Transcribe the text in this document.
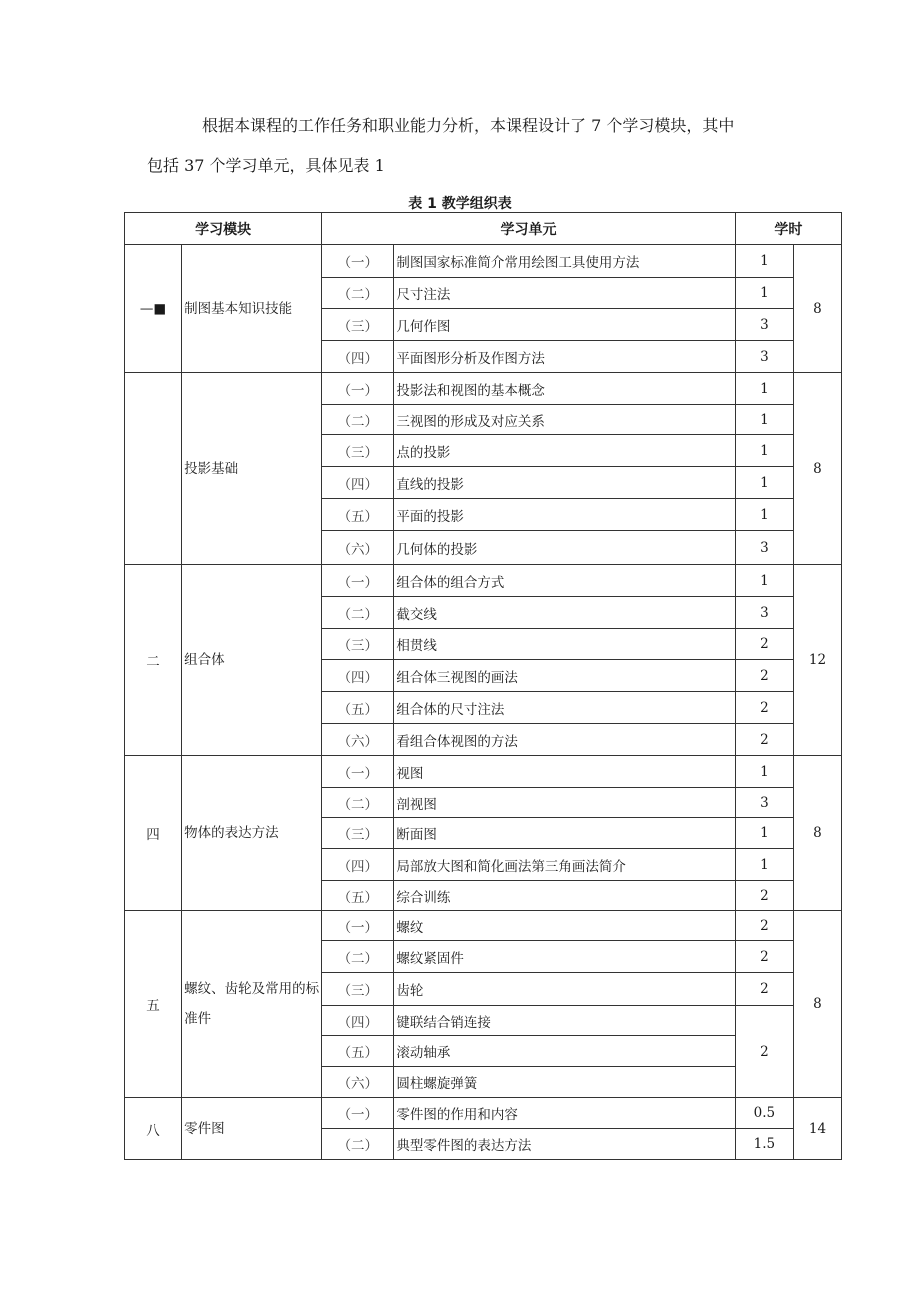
根据本课程的工作任务和职业能力分析，本课程设计了 7 个学习模块，其中
包括 37 个学习单元，具体见表 1
表 1 教学组织表
学习模块		学习单元		学时	
—■	制图基本知识技能	（一）	制图国家标准简介常用绘图工具使用方法	1	8
		（二）	尺寸注法	1	
		（三）	几何作图	3	
		（四）	平面图形分析及作图方法	3	
	投影基础	（一）	投影法和视图的基本概念	1	8
		（二）	三视图的形成及对应关系	1	
		（三）	点的投影	1	
		（四）	直线的投影	1	
		（五）	平面的投影	1	
		（六）	几何体的投影	3	
二	组合体	（一）	组合体的组合方式	1	12
		（二）	截交线	3	
		（三）	相贯线	2	
		（四）	组合体三视图的画法	2	
		（五）	组合体的尺寸注法	2	
		（六）	看组合体视图的方法	2	
四	物体的表达方法	（一）	视图	1	8
		（二）	剖视图	3	
		（三）	断面图	1	
		（四）	局部放大图和简化画法第三角画法简介	1	
		（五）	综合训练	2	
五	螺纹、齿轮及常用的标准件	（一）	螺纹	2	8
		（二）	螺纹紧固件	2	
		（三）	齿轮	2	
		（四）	键联结合销连接	2	
		（五）	滚动轴承		
		（六）	圆柱螺旋弹簧		
八	零件图	（一）	零件图的作用和内容	0.5	14
		（二）	典型零件图的表达方法	1.5	
